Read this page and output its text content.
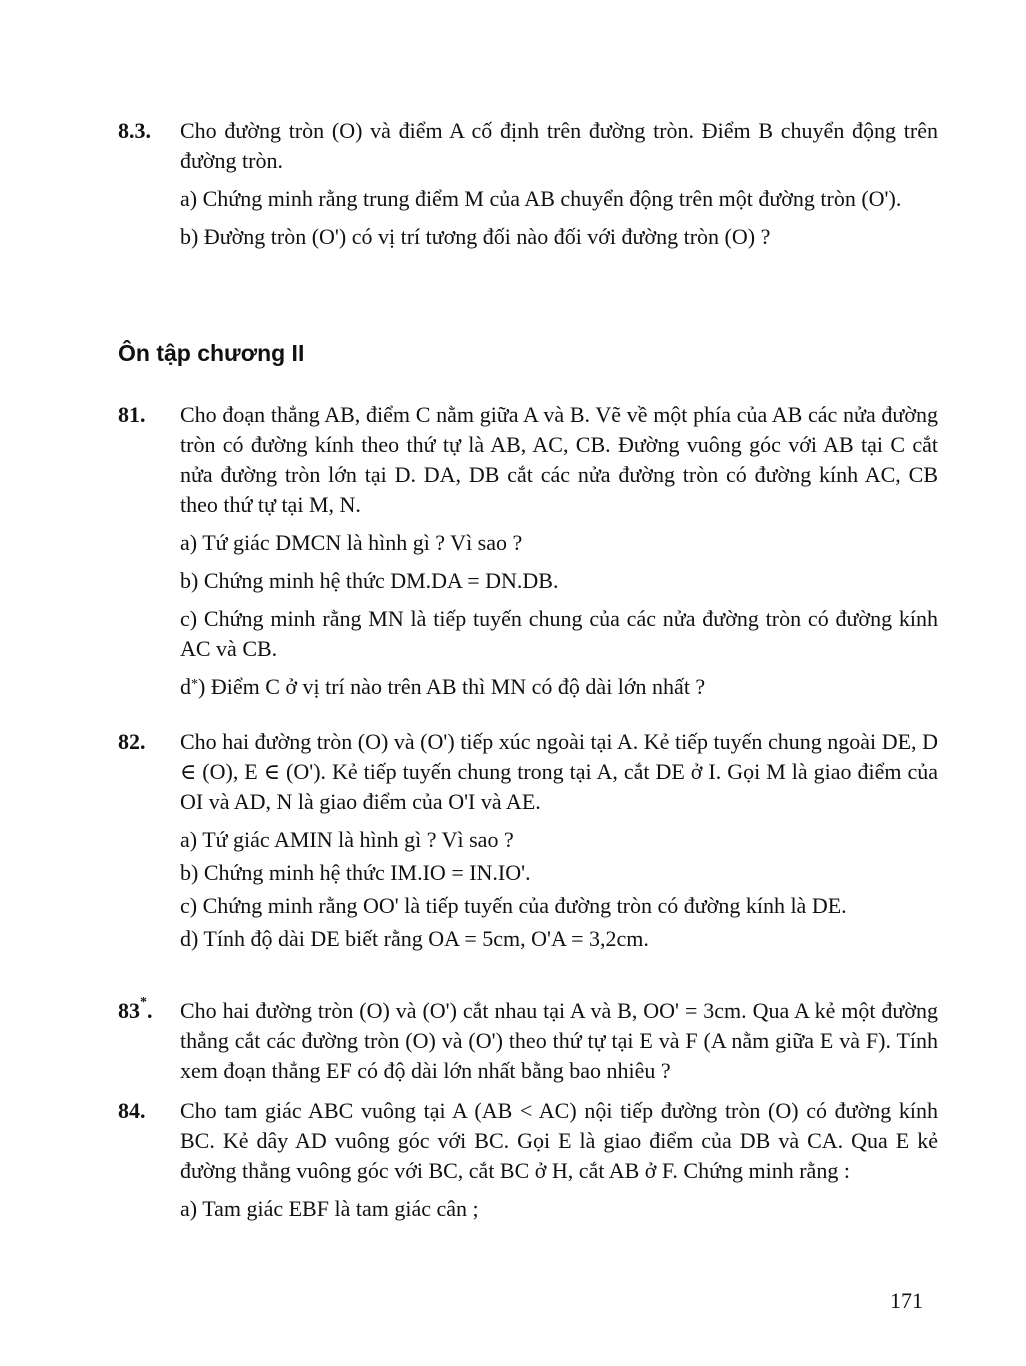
8.3. Cho đường tròn (O) và điểm A cố định trên đường tròn. Điểm B chuyển động trên đường tròn.

a) Chứng minh rằng trung điểm M của AB chuyển động trên một đường tròn (O').

b) Đường tròn (O') có vị trí tương đối nào đối với đường tròn (O) ?

Ôn tập chương II
81. Cho đoạn thẳng AB, điểm C nằm giữa A và B. Vẽ về một phía của AB các nửa đường tròn có đường kính theo thứ tự là AB, AC, CB. Đường vuông góc với AB tại C cắt nửa đường tròn lớn tại D. DA, DB cắt các nửa đường tròn có đường kính AC, CB theo thứ tự tại M, N.

a) Tứ giác DMCN là hình gì ? Vì sao ?

b) Chứng minh hệ thức DM.DA = DN.DB.

c) Chứng minh rằng MN là tiếp tuyến chung của các nửa đường tròn có đường kính AC và CB.

d*) Điểm C ở vị trí nào trên AB thì MN có độ dài lớn nhất ?

82. Cho hai đường tròn (O) và (O') tiếp xúc ngoài tại A. Kẻ tiếp tuyến chung ngoài DE, D ∈ (O), E ∈ (O'). Kẻ tiếp tuyến chung trong tại A, cắt DE ở I. Gọi M là giao điểm của OI và AD, N là giao điểm của O'I và AE.

a) Tứ giác AMIN là hình gì ? Vì sao ?

b) Chứng minh hệ thức IM.IO = IN.IO'.

c) Chứng minh rằng OO' là tiếp tuyến của đường tròn có đường kính là DE.

d) Tính độ dài DE biết rằng OA = 5cm, O'A = 3,2cm.

83*. Cho hai đường tròn (O) và (O') cắt nhau tại A và B, OO' = 3cm. Qua A kẻ một đường thẳng cắt các đường tròn (O) và (O') theo thứ tự tại E và F (A nằm giữa E và F). Tính xem đoạn thẳng EF có độ dài lớn nhất bằng bao nhiêu ?

84. Cho tam giác ABC vuông tại A (AB < AC) nội tiếp đường tròn (O) có đường kính BC. Kẻ dây AD vuông góc với BC. Gọi E là giao điểm của DB và CA. Qua E kẻ đường thẳng vuông góc với BC, cắt BC ở H, cắt AB ở F. Chứng minh rằng :

a) Tam giác EBF là tam giác cân ;

171
